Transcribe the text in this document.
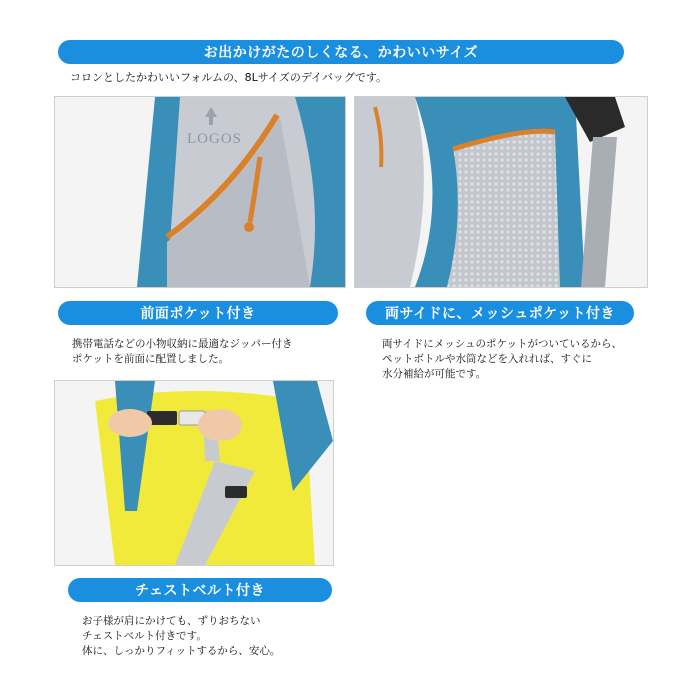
お出かけがたのしくなる、かわいいサイズ
コロンとしたかわいいフォルムの、8Lサイズのデイバッグです。
LOGOS
前面ポケット付き
携帯電話などの小物収納に最適なジッパー付き
ポケットを前面に配置しました。
両サイドに、メッシュポケット付き
両サイドにメッシュのポケットがついているから、
ペットボトルや水筒などを入れれば、すぐに
水分補給が可能です。
チェストベルト付き
お子様が肩にかけても、ずりおちない
チェストベルト付きです。
体に、しっかりフィットするから、安心。
